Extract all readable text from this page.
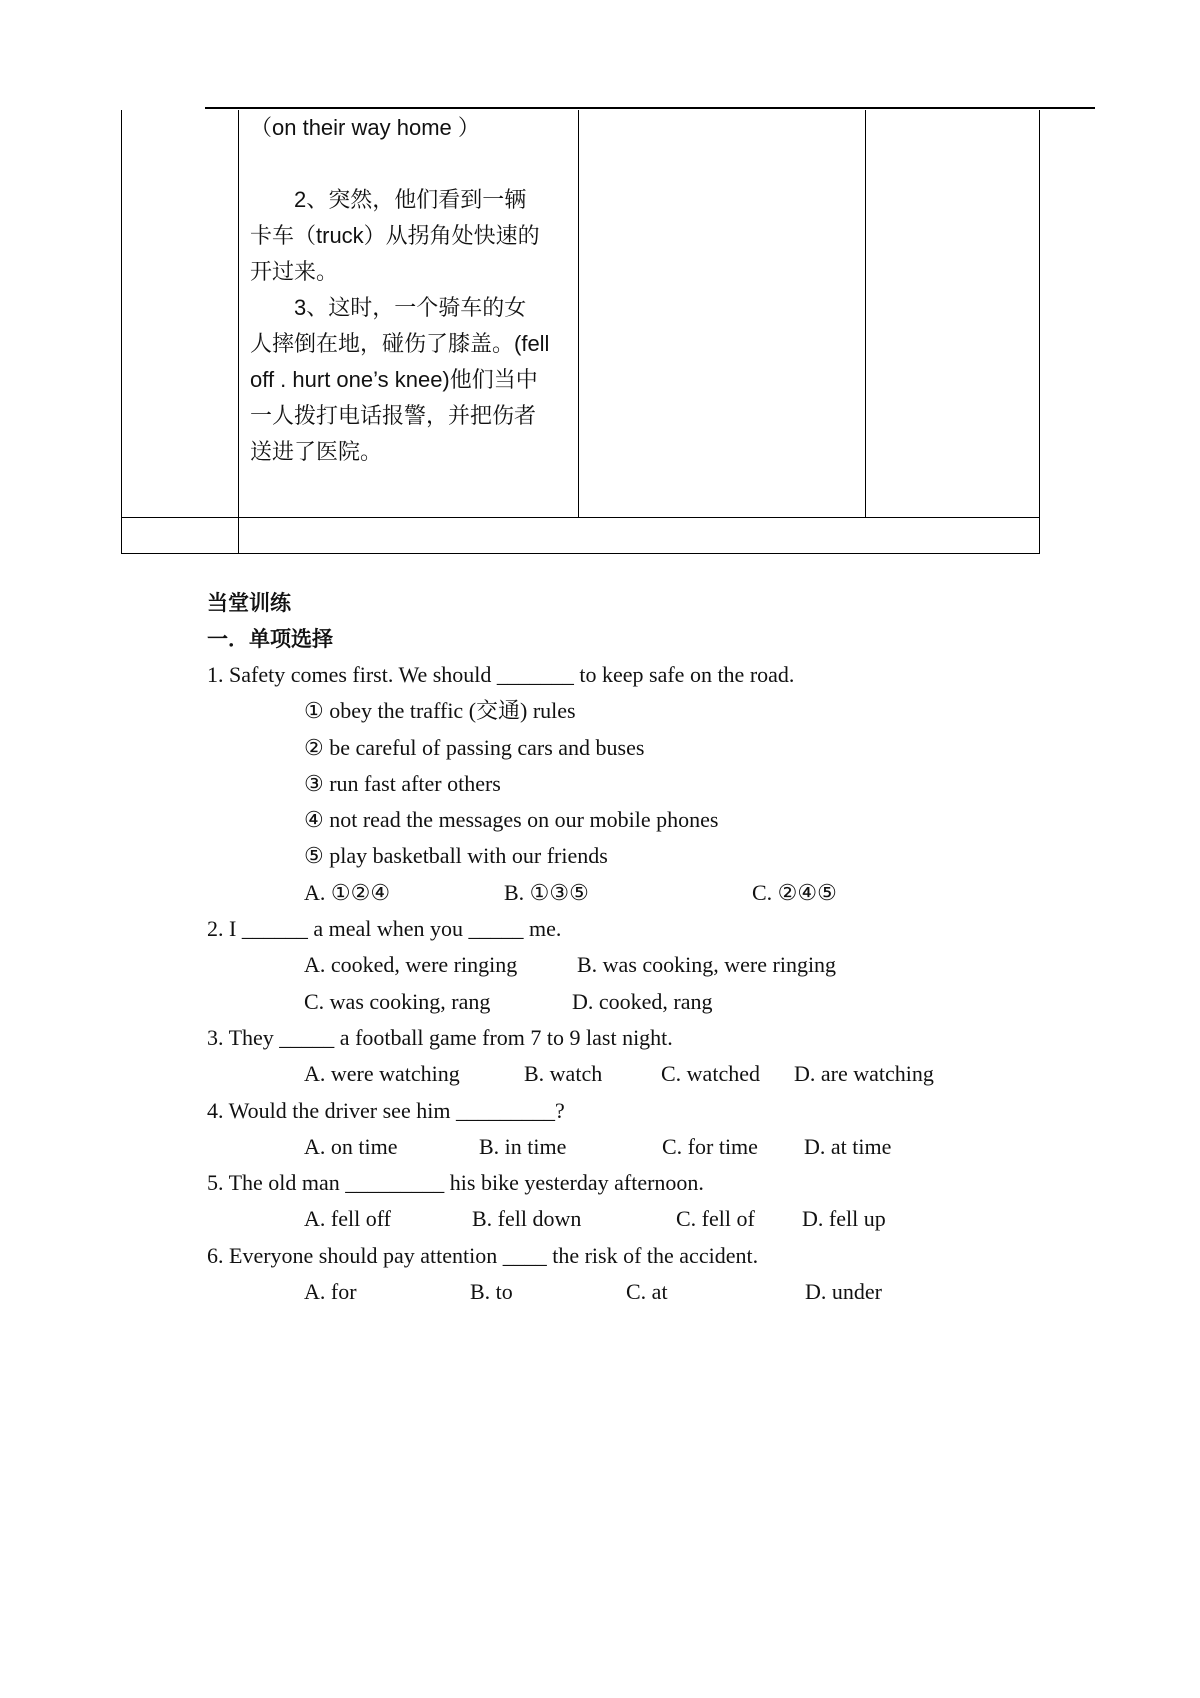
（on their way home ）

2、突然，他们看到一辆

卡车（truck）从拐角处快速的

开过来。

3、这时，一个骑车的女

人摔倒在地，碰伤了膝盖。(fell

off . hurt one’s knee)他们当中

一人拨打电话报警，并把伤者

送进了医院。

当堂训练
一．单项选择
1. Safety comes first. We should _______ to keep safe on the road.
① obey the traffic (交通) rules
② be careful of passing cars and buses
③ run fast after others
④ not read the messages on our mobile phones
⑤ play basketball with our friends
A. ①②④	B. ①③⑤	C. ②④⑤
2. I ______ a meal when you _____ me.
A. cooked, were ringing	B. was cooking, were ringing
C. was cooking, rang	D. cooked, rang
3. They _____ a football game from 7 to 9 last night.
A. were watching	B. watch	C. watched D. are watching
4. Would the driver see him _________?
A. on time	B. in time	C. for time D. at time
5. The old man _________ his bike yesterday afternoon.
A. fell off	B. fell down	C. fell of D. fell up
6. Everyone should pay attention ____ the risk of the accident.
A. for	B. to	C. at	D. under
